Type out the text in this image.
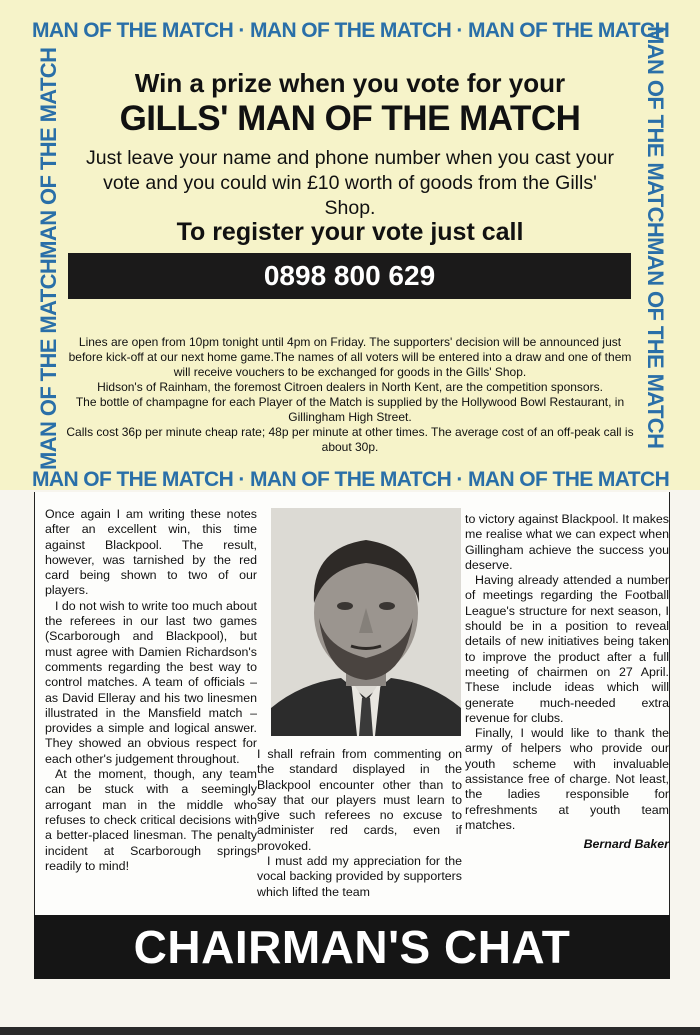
MAN OF THE MATCH · MAN OF THE MATCH · MAN OF THE MATCH
MAN OF THE MATCHMAN OF THE MATCH
MAN OF THE MATCHMAN OF THE MATCH
MAN OF THE MATCH · MAN OF THE MATCH · MAN OF THE MATCH
Win a prize when you vote for your
GILLS' MAN OF THE MATCH
Just leave your name and phone number when you cast your vote and you could win £10 worth of goods from the Gills' Shop.
To register your vote just call
0898 800 629
Lines are open from 10pm tonight until 4pm on Friday. The supporters' decision will be announced just before kick-off at our next home game.The names of all voters will be entered into a draw and one of them will receive vouchers to be exchanged for goods in the Gills' Shop.
Hidson's of Rainham, the foremost Citroen dealers in North Kent, are the competition sponsors.
The bottle of champagne for each Player of the Match is supplied by the Hollywood Bowl Restaurant, in Gillingham High Street.
Calls cost 36p per minute cheap rate; 48p per minute at other times. The average cost of an off-peak call is about 30p.

Once again I am writing these notes after an excellent win, this time against Blackpool. The result, however, was tarnished by the red card being shown to two of our players.

I do not wish to write too much about the referees in our last two games (Scarborough and Blackpool), but must agree with Damien Richardson's comments regarding the best way to control matches. A team of officials – as David Elleray and his two linesmen illustrated in the Mansfield match – provides a simple and logical answer. They showed an obvious respect for each other's judgement throughout.

At the moment, though, any team can be stuck with a seemingly arrogant man in the middle who refuses to check critical decisions with a better-placed linesman. The penalty incident at Scarborough springs readily to mind!

I shall refrain from commenting on the standard displayed in the Blackpool encounter other than to say that our players must learn to give such referees no excuse to administer red cards, even if provoked.

I must add my appreciation for the vocal backing provided by supporters which lifted the team

to victory against Blackpool. It makes me realise what we can expect when Gillingham achieve the success you deserve.

Having already attended a number of meetings regarding the Football League's structure for next season, I should be in a position to reveal details of new initiatives being taken to improve the product after a full meeting of chairmen on 27 April. These include ideas which will generate much-needed extra revenue for clubs.

Finally, I would like to thank the army of helpers who provide our youth scheme with invaluable assistance free of charge. Not least, the ladies responsible for refreshments at youth team matches.

Bernard Baker
CHAIRMAN'S CHAT
